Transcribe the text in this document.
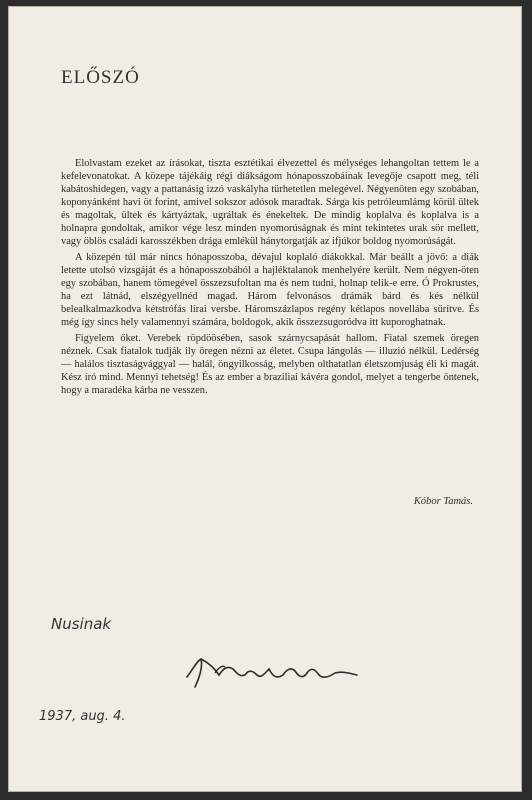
ELŐSZÓ

Elolvastam ezeket az írásokat, tiszta esztétikai élvezettel és mélységes lehangoltan tettem le a kefelevonatokat. A közepe tájékáig régi diákságom hónaposszobáinak levegője csapott meg, téli kabátoshidegen, vagy a pattanásig izzó vaskályha türhetetlen melegével. Négyenöten egy szobában, koponyánként havi öt forint, amivel sokszor adósok maradtak. Sárga kis petróleumlámg körül ültek és magoltak, ültek és kártyáztak, ugráltak és énekeltek. De mindig koplalva és koplalva is a holnapra gondoltak, amikor vége lesz minden nyomorúságnak és mint tekintetes urak sör mellett, vagy öblös családi karosszékben drága emlékül hánytorgatják az ifjúkor boldog nyomorúságát.

A közepén túl már nincs hónaposszoba, dévajul koplaló diákokkal. Már beállt a jövő: a diák letette utolsó vizsgáját és a hónaposszobából a hajléktalanok menhelyére került. Nem négyen-öten egy szobában, hanem tömegével összezsufoltan ma és nem tudni, holnap telik-e erre. Ó Prokrustes, ha ezt látnád, elszégyellnéd magad. Három felvonásos drámák bárd és kés nélkül belealkalmazkodva kétstrófás lírai versbe. Háromszázlapos regény kétlapos novellába sűrítve. És még így sincs hely valamennyi számára, boldogok, akik összezsugoródva itt kuporoghatnak.

Figyelem őket. Verebek röpdöösében, sasok szárnycsapását hallom. Fiatal szemek öregen néznek. Csak fiatalok tudják ily öregen nézni az életet. Csupa lángolás — illuzió nélkül. Ledérség — halálos tisztaságvággyal — halál, öngyilkosság, melyben olthatatlan életszomjuság éli ki magát. Kész író mind. Mennyi tehetség! És az ember a braziliai kávéra gondol, melyet a tengerbe öntenek, hogy a maradéka kárba ne vesszen.

Kóbor Tamás.
Nusinak
1937, aug. 4.
